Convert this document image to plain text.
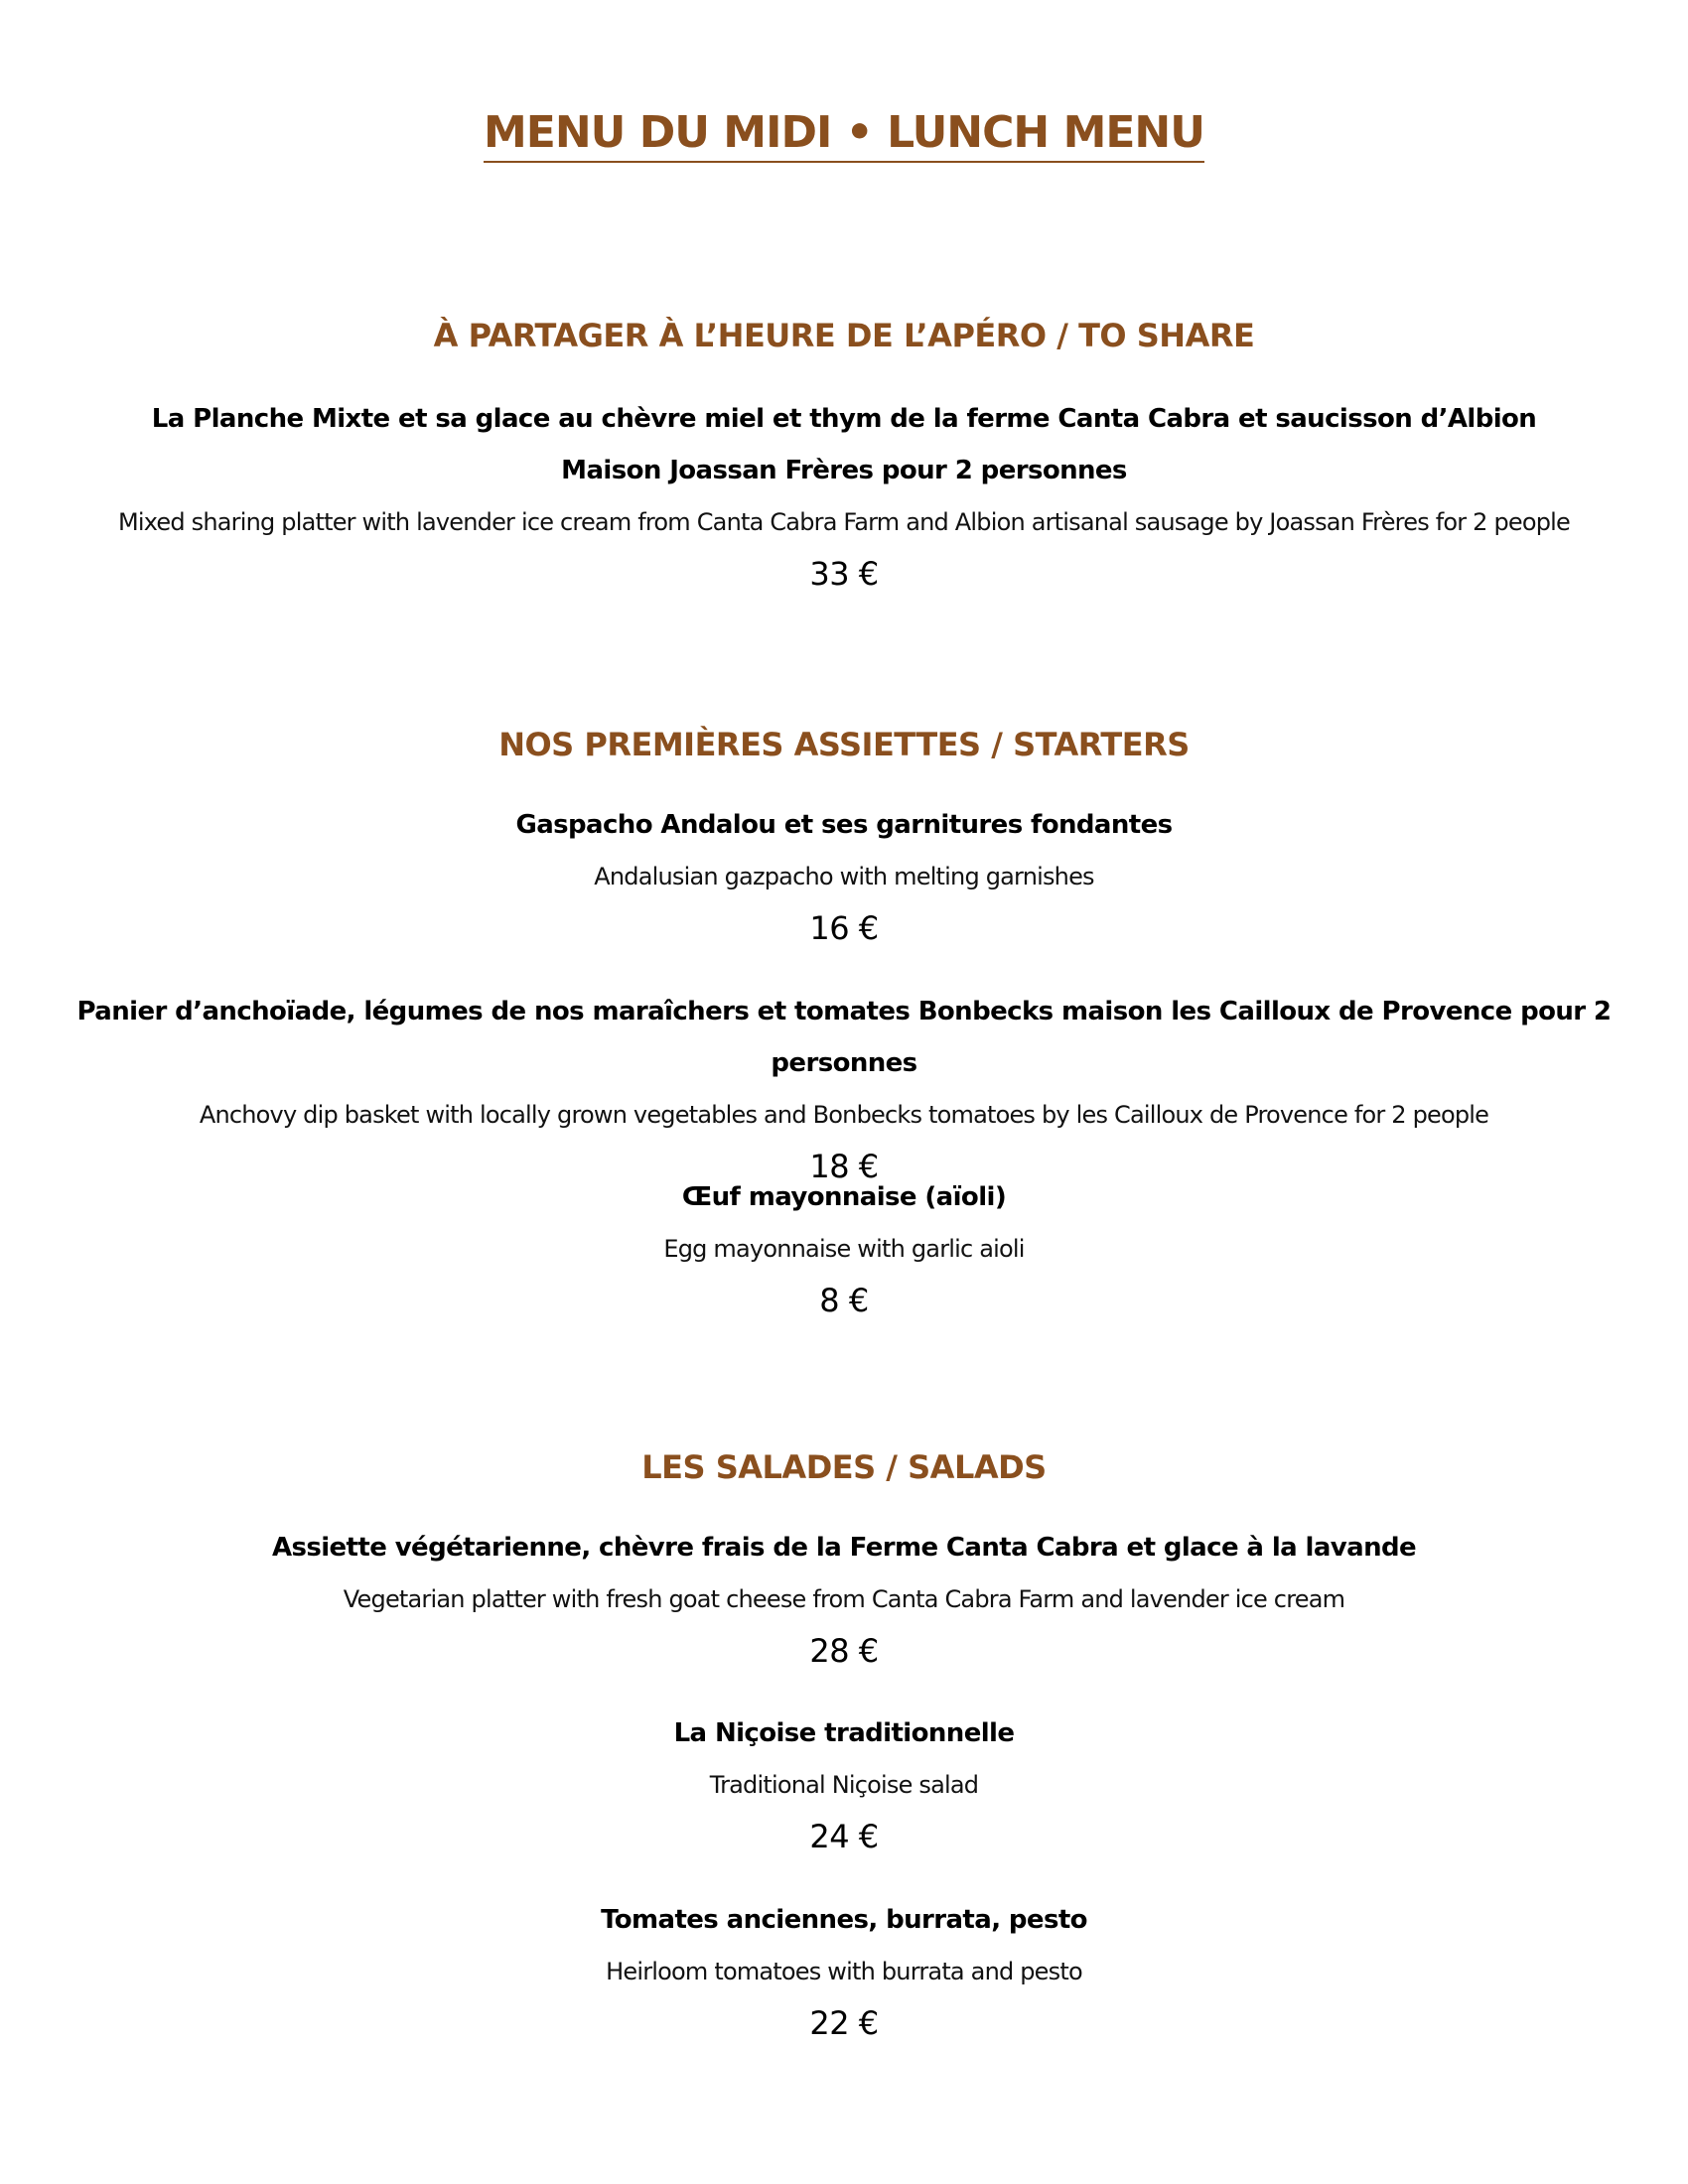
MENU DU MIDI • LUNCH MENU
À PARTAGER À L’HEURE DE L’APÉRO / TO SHARE

La Planche Mixte et sa glace au chèvre miel et thym de la ferme Canta Cabra et saucisson d’Albion

Maison Joassan Frères pour 2 personnes

Mixed sharing platter with lavender ice cream from Canta Cabra Farm and Albion artisanal sausage by Joassan Frères for 2 people

33 €

NOS PREMIÈRES ASSIETTES / STARTERS

Gaspacho Andalou et ses garnitures fondantes

Andalusian gazpacho with melting garnishes

16 €

Panier d’anchoïade, légumes de nos maraîchers et tomates Bonbecks maison les Cailloux de Provence pour 2 personnes

Anchovy dip basket with locally grown vegetables and Bonbecks tomatoes by les Cailloux de Provence for 2 people

18 €

Œuf mayonnaise (aïoli)

Egg mayonnaise with garlic aioli

8 €

LES SALADES / SALADS

Assiette végétarienne, chèvre frais de la Ferme Canta Cabra et glace à la lavande

Vegetarian platter with fresh goat cheese from Canta Cabra Farm and lavender ice cream

28 €

La Niçoise traditionnelle

Traditional Niçoise salad

24 €

Tomates anciennes, burrata, pesto

Heirloom tomatoes with burrata and pesto

22 €
